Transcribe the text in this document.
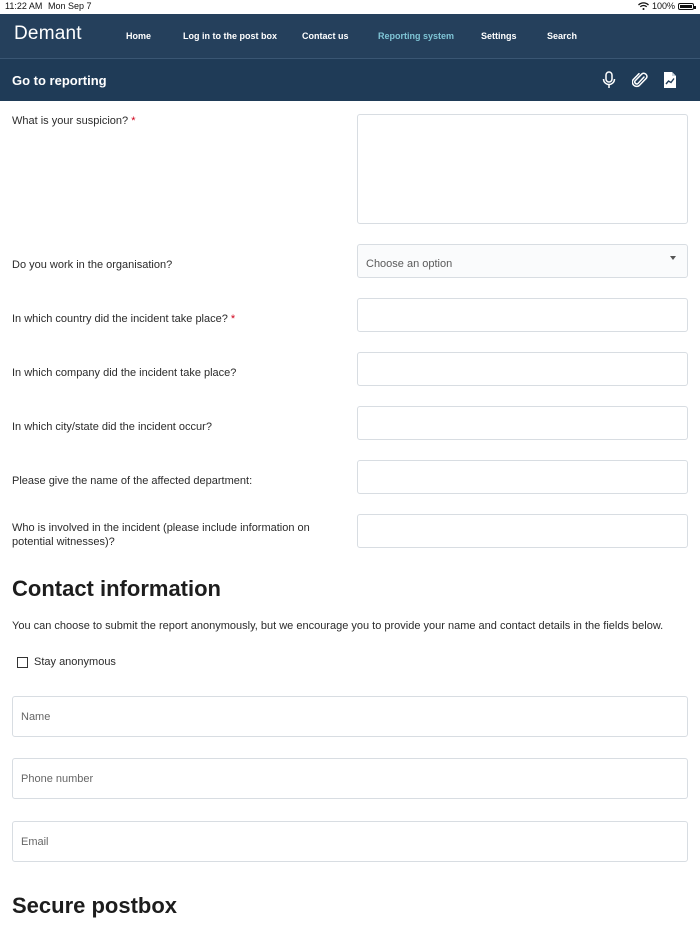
11:22 AM Mon Sep 7	100%
Demant	Home	Log in to the post box	Contact us	Reporting system	Settings	Search
Go to reporting
What is your suspicion? *
Do you work in the organisation?	Choose an option
In which country did the incident take place? *
In which company did the incident take place?
In which city/state did the incident occur?
Please give the name of the affected department:
Who is involved in the incident (please include information on
potential witnesses)?
Contact information
You can choose to submit the report anonymously, but we encourage you to provide your name and contact details in the fields below.
Stay anonymous
Name
Phone number
Email
Secure postbox
